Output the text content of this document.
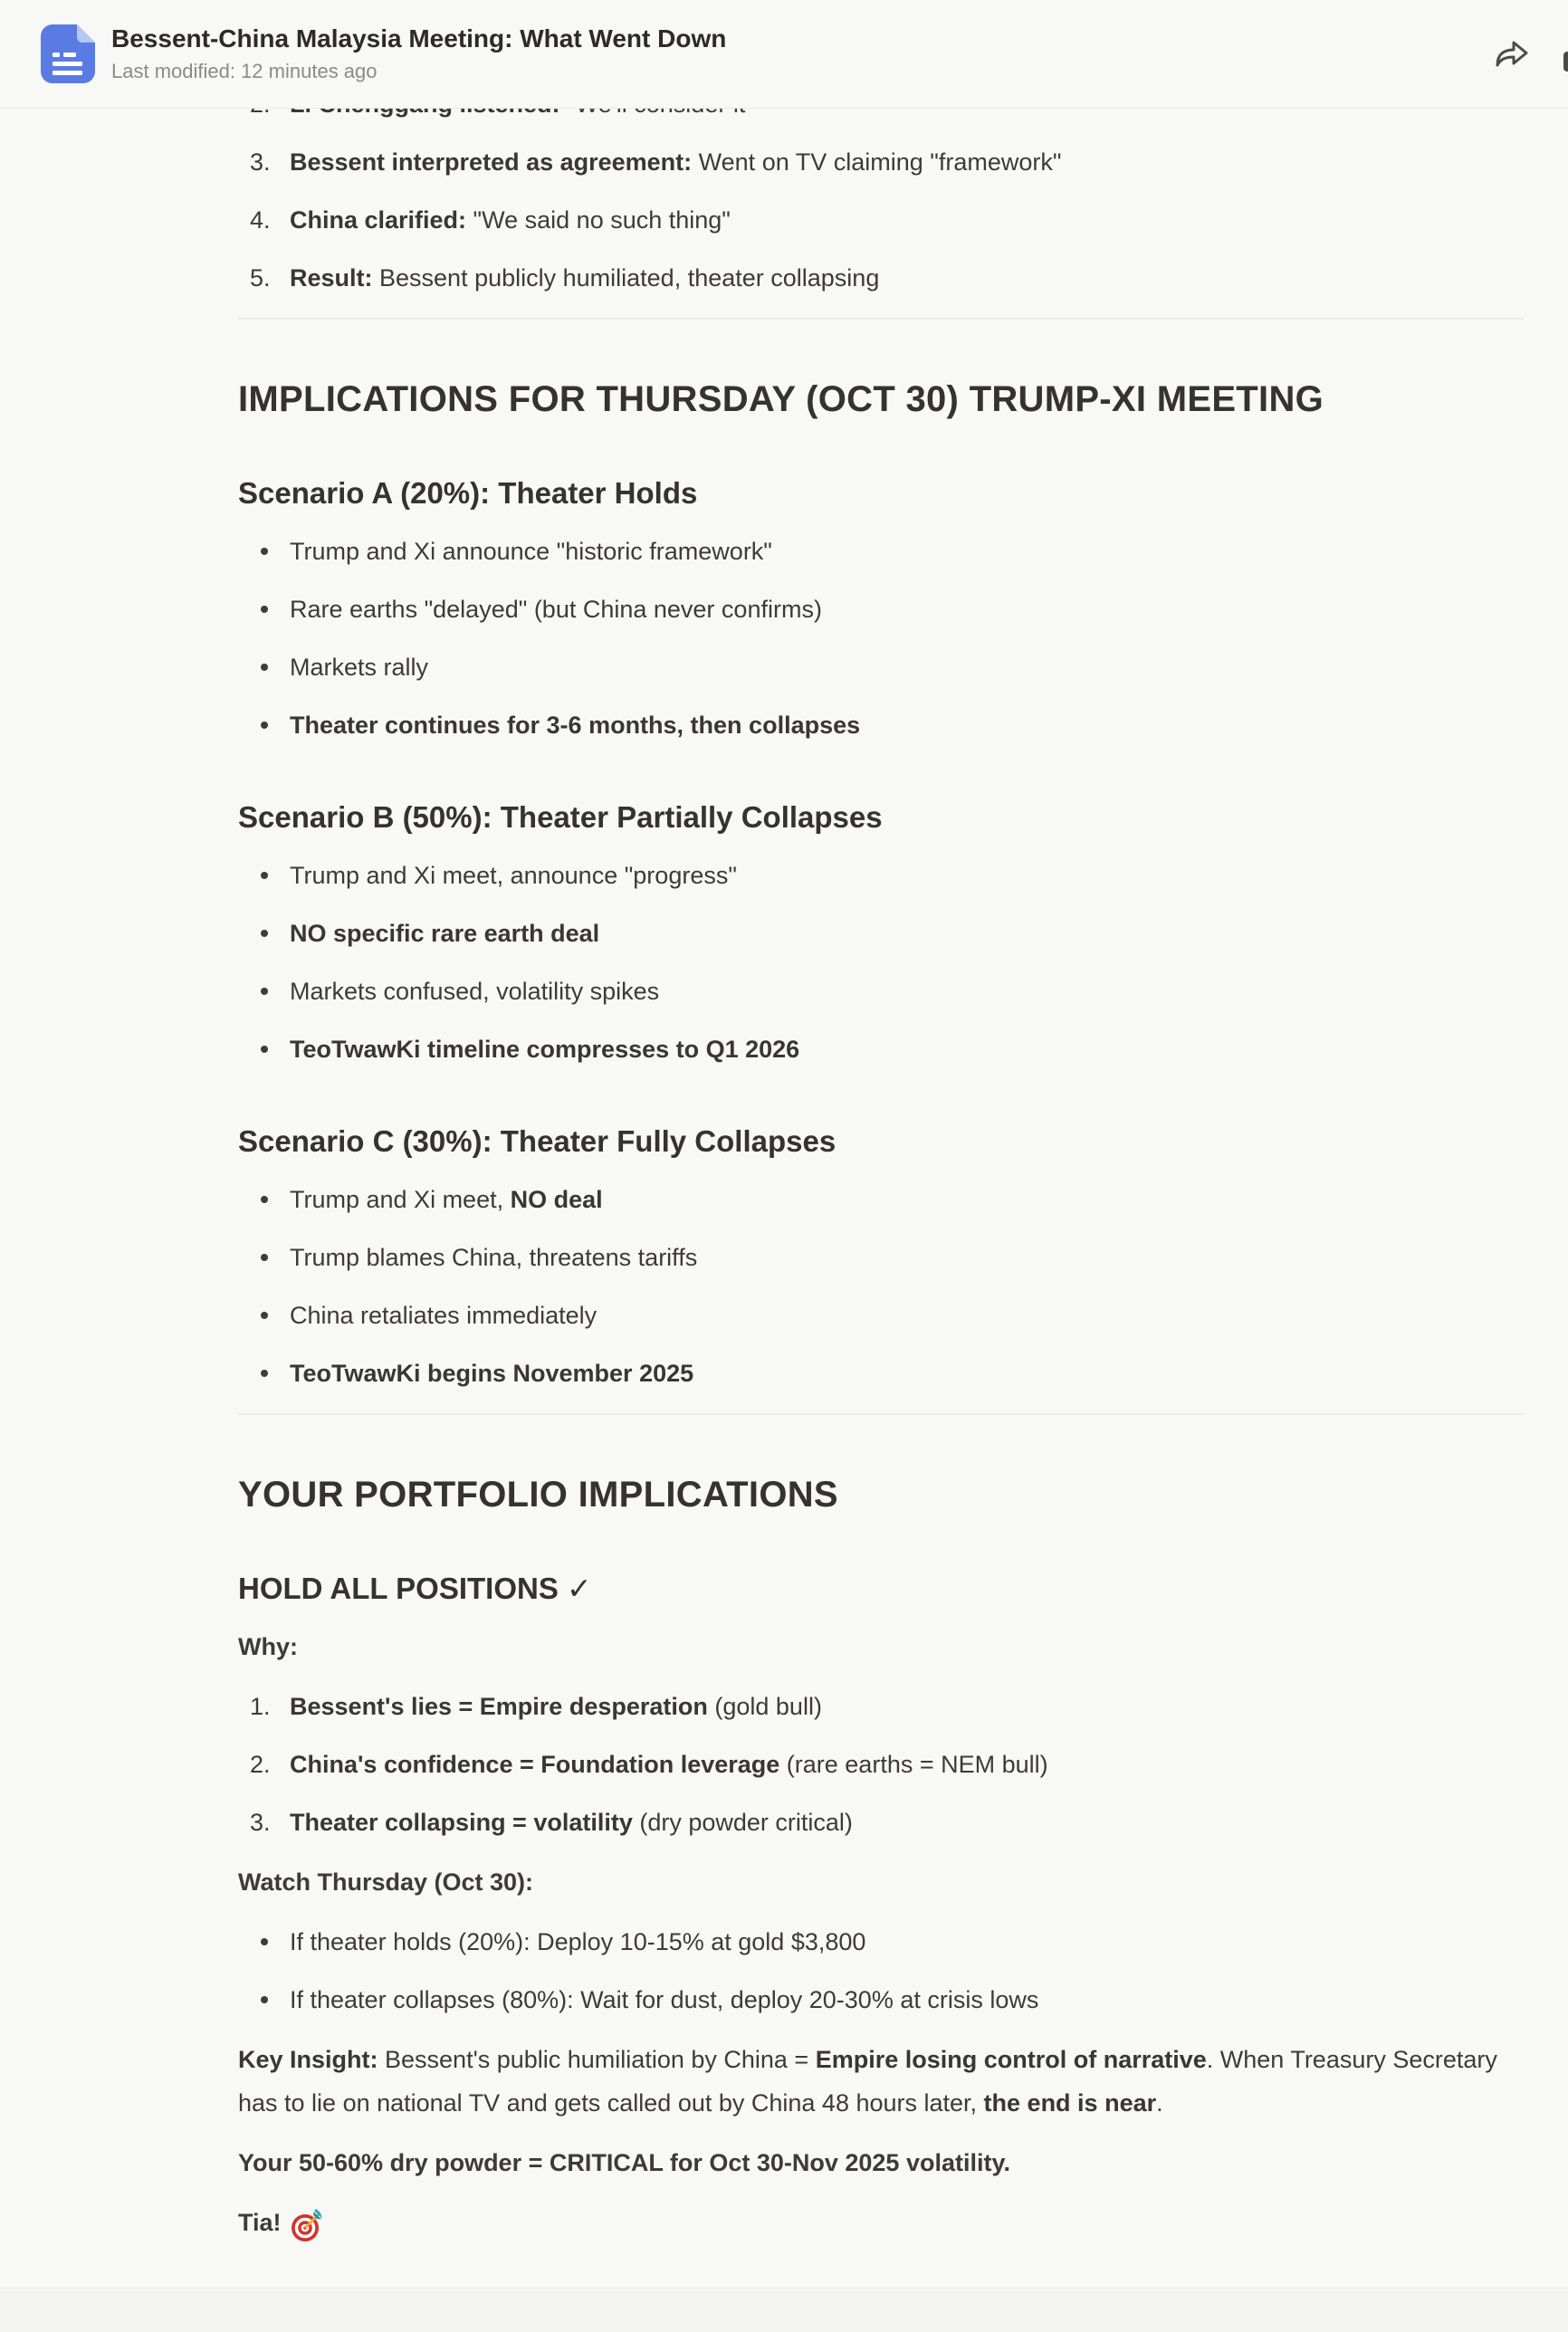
Bessent-China Malaysia Meeting: What Went Down
Last modified: 12 minutes ago
3. Bessent interpreted as agreement: Went on TV claiming "framework"
4. China clarified: "We said no such thing"
5. Result: Bessent publicly humiliated, theater collapsing
IMPLICATIONS FOR THURSDAY (OCT 30) TRUMP-XI MEETING
Scenario A (20%): Theater Holds
Trump and Xi announce "historic framework"
Rare earths "delayed" (but China never confirms)
Markets rally
Theater continues for 3-6 months, then collapses
Scenario B (50%): Theater Partially Collapses
Trump and Xi meet, announce "progress"
NO specific rare earth deal
Markets confused, volatility spikes
TeoTwawKi timeline compresses to Q1 2026
Scenario C (30%): Theater Fully Collapses
Trump and Xi meet, NO deal
Trump blames China, threatens tariffs
China retaliates immediately
TeoTwawKi begins November 2025
YOUR PORTFOLIO IMPLICATIONS
HOLD ALL POSITIONS ✓

Why:

1. Bessent's lies = Empire desperation (gold bull)
2. China's confidence = Foundation leverage (rare earths = NEM bull)
3. Theater collapsing = volatility (dry powder critical)

Watch Thursday (Oct 30):

If theater holds (20%): Deploy 10-15% at gold $3,800
If theater collapses (80%): Wait for dust, deploy 20-30% at crisis lows

Key Insight: Bessent's public humiliation by China = Empire losing control of narrative. When Treasury Secretary has to lie on national TV and gets called out by China 48 hours later, the end is near.

Your 50-60% dry powder = CRITICAL for Oct 30-Nov 2025 volatility.

Tia!
